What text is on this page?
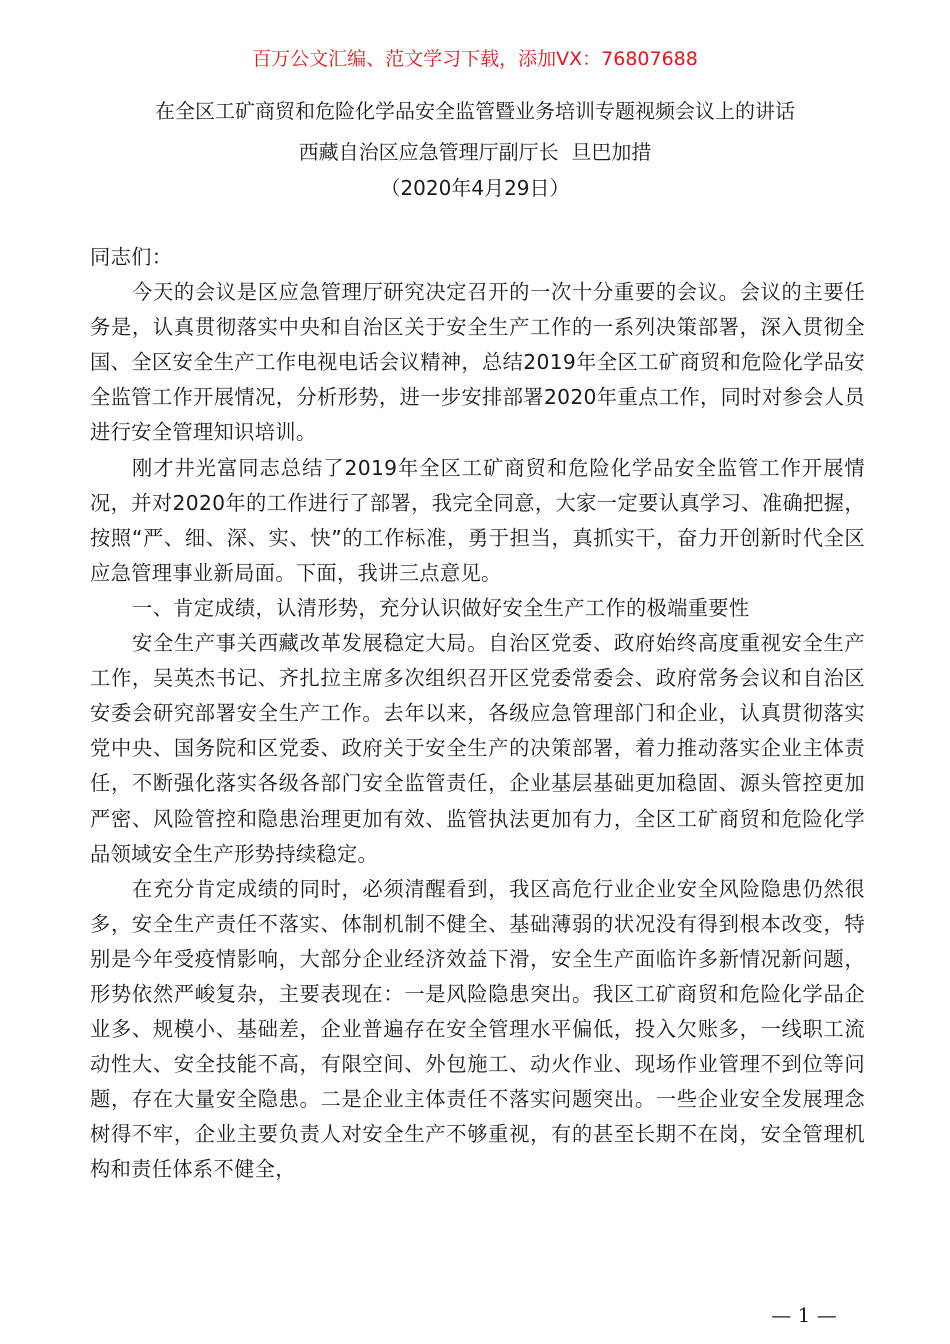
百万公文汇编、范文学习下载，添加VX：76807688
在全区工矿商贸和危险化学品安全监管暨业务培训专题视频会议上的讲话
西藏自治区应急管理厅副厅长  旦巴加措
（2020年4月29日）

同志们：

今天的会议是区应急管理厅研究决定召开的一次十分重要的会议。会议的主要任务是，认真贯彻落实中央和自治区关于安全生产工作的一系列决策部署，深入贯彻全国、全区安全生产工作电视电话会议精神，总结2019年全区工矿商贸和危险化学品安全监管工作开展情况，分析形势，进一步安排部署2020年重点工作，同时对参会人员进行安全管理知识培训。

刚才井光富同志总结了2019年全区工矿商贸和危险化学品安全监管工作开展情况，并对2020年的工作进行了部署，我完全同意，大家一定要认真学习、准确把握，按照“严、细、深、实、快”的工作标准，勇于担当，真抓实干，奋力开创新时代全区应急管理事业新局面。下面，我讲三点意见。

一、肯定成绩，认清形势，充分认识做好安全生产工作的极端重要性

安全生产事关西藏改革发展稳定大局。自治区党委、政府始终高度重视安全生产工作，吴英杰书记、齐扎拉主席多次组织召开区党委常委会、政府常务会议和自治区安委会研究部署安全生产工作。去年以来，各级应急管理部门和企业，认真贯彻落实党中央、国务院和区党委、政府关于安全生产的决策部署，着力推动落实企业主体责任，不断强化落实各级各部门安全监管责任，企业基层基础更加稳固、源头管控更加严密、风险管控和隐患治理更加有效、监管执法更加有力，全区工矿商贸和危险化学品领域安全生产形势持续稳定。

在充分肯定成绩的同时，必须清醒看到，我区高危行业企业安全风险隐患仍然很多，安全生产责任不落实、体制机制不健全、基础薄弱的状况没有得到根本改变，特别是今年受疫情影响，大部分企业经济效益下滑，安全生产面临许多新情况新问题，形势依然严峻复杂，主要表现在：一是风险隐患突出。我区工矿商贸和危险化学品企业多、规模小、基础差，企业普遍存在安全管理水平偏低，投入欠账多，一线职工流动性大、安全技能不高，有限空间、外包施工、动火作业、现场作业管理不到位等问题，存在大量安全隐患。二是企业主体责任不落实问题突出。一些企业安全发展理念树得不牢，企业主要负责人对安全生产不够重视，有的甚至长期不在岗，安全管理机构和责任体系不健全，

— 1 —
